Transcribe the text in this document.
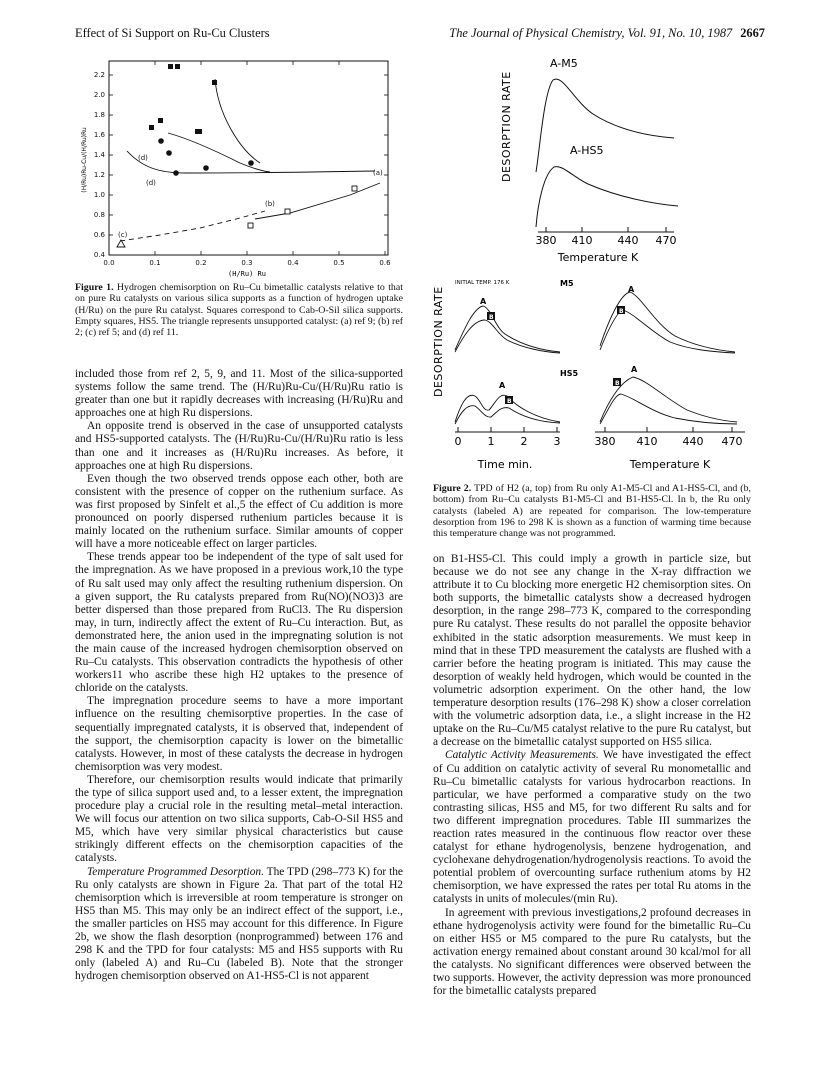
Effect of Si Support on Ru-Cu Clusters	The Journal of Physical Chemistry, Vol. 91, No. 10, 1987 2667
2.2
2.0
1.8
1.6
1.4
1.2
1.0
0.8
0.6
0.4
0.0	0.1	0.2	0.3	0.4	0.5	0.6
(H/Ru) Ru
(H/Ru)Ru-Cu/(H/Ru)Ru	(a)
(b)
(c)
(d)
(d)
Figure 1. Hydrogen chemisorption on Ru–Cu bimetallic catalysts relative to that on pure Ru catalysts on various silica supports as a function of hydrogen uptake (H/Ru) on the pure Ru catalyst. Squares correspond to Cab-O-Sil silica supports. Empty squares, HS5. The triangle represents unsupported catalyst: (a) ref 9; (b) ref 2; (c) ref 5; and (d) ref 11.

included those from ref 2, 5, 9, and 11. Most of the silica-supported systems follow the same trend. The (H/Ru)Ru-Cu/(H/Ru)Ru ratio is greater than one but it rapidly decreases with increasing (H/Ru)Ru and approaches one at high Ru dispersions.

An opposite trend is observed in the case of unsupported catalysts and HS5-supported catalysts. The (H/Ru)Ru-Cu/(H/Ru)Ru ratio is less than one and it increases as (H/Ru)Ru increases. As before, it approaches one at high Ru dispersions.

Even though the two observed trends oppose each other, both are consistent with the presence of copper on the ruthenium surface. As was first proposed by Sinfelt et al.,5 the effect of Cu addition is more pronounced on poorly dispersed ruthenium particles because it is mainly located on the ruthenium surface. Similar amounts of copper will have a more noticeable effect on larger particles.

These trends appear too be independent of the type of salt used for the impregnation. As we have proposed in a previous work,10 the type of Ru salt used may only affect the resulting ruthenium dispersion. On a given support, the Ru catalysts prepared from Ru(NO)(NO3)3 are better dispersed than those prepared from RuCl3. The Ru dispersion may, in turn, indirectly affect the extent of Ru–Cu interaction. But, as demonstrated here, the anion used in the impregnating solution is not the main cause of the increased hydrogen chemisorption observed on Ru–Cu catalysts. This observation contradicts the hypothesis of other workers11 who ascribe these high H2 uptakes to the presence of chloride on the catalysts.

The impregnation procedure seems to have a more important influence on the resulting chemisorptive properties. In the case of sequentially impregnated catalysts, it is observed that, independent of the support, the chemisorption capacity is lower on the bimetallic catalysts. However, in most of these catalysts the decrease in hydrogen chemisorption was very modest.

Therefore, our chemisorption results would indicate that primarily the type of silica support used and, to a lesser extent, the impregnation procedure play a crucial role in the resulting metal–metal interaction. We will focus our attention on two silica supports, Cab-O-Sil HS5 and M5, which have very similar physical characteristics but cause strikingly different effects on the chemisorption capacities of the catalysts.

Temperature Programmed Desorption. The TPD (298–773 K) for the Ru only catalysts are shown in Figure 2a. That part of the total H2 chemisorption which is irreversible at room temperature is stronger on HS5 than M5. This may only be an indirect effect of the support, i.e., the smaller particles on HS5 may account for this difference. In Figure 2b, we show the flash desorption (nonprogrammed) between 176 and 298 K and the TPD for four catalysts: M5 and HS5 supports with Ru only (labeled A) and Ru–Cu (labeled B). Note that the stronger hydrogen chemisorption observed on A1-HS5-Cl is not apparent

DESORPTION RATE
A-M5
A-HS5
380 410 440 470
Temperature K
INITIAL TEMP. 176 K	M5
HS5
DESORPTION RATE	A
B
A
B
A
B
A
B
0 1 2 3	380 410 440 470
Time min.	Temperature K
Figure 2. TPD of H2 (a, top) from Ru only A1-M5-Cl and A1-HS5-Cl, and (b, bottom) from Ru–Cu catalysts B1-M5-Cl and B1-HS5-Cl. In b, the Ru only catalysts (labeled A) are repeated for comparison. The low-temperature desorption from 196 to 298 K is shown as a function of warming time because this temperature change was not programmed.

on B1-HS5-Cl. This could imply a growth in particle size, but because we do not see any change in the X-ray diffraction we attribute it to Cu blocking more energetic H2 chemisorption sites. On both supports, the bimetallic catalysts show a decreased hydrogen desorption, in the range 298–773 K, compared to the corresponding pure Ru catalyst. These results do not parallel the opposite behavior exhibited in the static adsorption measurements. We must keep in mind that in these TPD measurement the catalysts are flushed with a carrier before the heating program is initiated. This may cause the desorption of weakly held hydrogen, which would be counted in the volumetric adsorption experiment. On the other hand, the low temperature desorption results (176–298 K) show a closer correlation with the volumetric adsorption data, i.e., a slight increase in the H2 uptake on the Ru–Cu/M5 catalyst relative to the pure Ru catalyst, but a decrease on the bimetallic catalyst supported on HS5 silica.

Catalytic Activity Measurements. We have investigated the effect of Cu addition on catalytic activity of several Ru monometallic and Ru–Cu bimetallic catalysts for various hydrocarbon reactions. In particular, we have performed a comparative study on the two contrasting silicas, HS5 and M5, for two different Ru salts and for two different impregnation procedures. Table III summarizes the reaction rates measured in the continuous flow reactor over these catalyst for ethane hydrogenolysis, benzene hydrogenation, and cyclohexane dehydrogenation/hydrogenolysis reactions. To avoid the potential problem of overcounting surface ruthenium atoms by H2 chemisorption, we have expressed the rates per total Ru atoms in the catalysts in units of molecules/(min Ru).

In agreement with previous investigations,2 profound decreases in ethane hydrogenolysis activity were found for the bimetallic Ru–Cu on either HS5 or M5 compared to the pure Ru catalysts, but the activation energy remained about constant around 30 kcal/mol for all the catalysts. No significant differences were observed between the two supports. However, the activity depression was more pronounced for the bimetallic catalysts prepared
